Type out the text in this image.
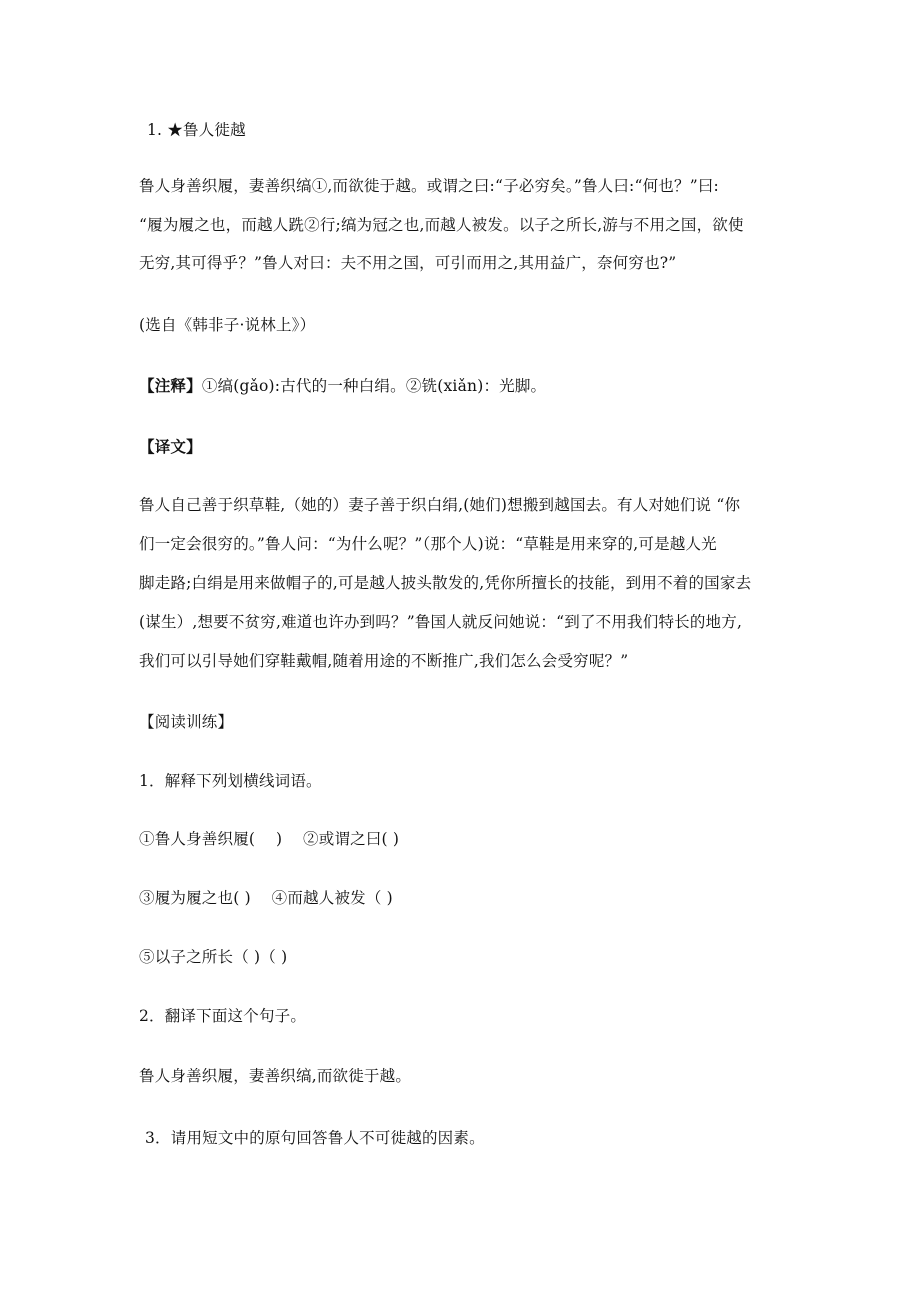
1. ★鲁人徙越
鲁人身善织履，妻善织缟①,而欲徙于越。或谓之曰:“子必穷矣。”鲁人曰:“何也？”曰:
“履为履之也，而越人跣②行;缟为冠之也,而越人被发。以子之所长,游与不用之国，欲使
无穷,其可得乎？”鲁人对曰：夫不用之国，可引而用之,其用益广，奈何穷也?”
(选自《韩非子·说林上》）
【注释】①缟(gǎo):古代的一种白绢。②铣(xiǎn)：光脚。
【译文】
鲁人自己善于织草鞋,（她的）妻子善于织白绢,(她们)想搬到越国去。有人对她们说 “你
们一定会很穷的。”鲁人问：“为什么呢？”（那个人)说：“草鞋是用来穿的,可是越人光
脚走路;白绢是用来做帽子的,可是越人披头散发的,凭你所擅长的技能，到用不着的国家去
(谋生）,想要不贫穷,难道也许办到吗？”鲁国人就反问她说：“到了不用我们特长的地方,
我们可以引导她们穿鞋戴帽,随着用途的不断推广,我们怎么会受穷呢？”
【阅读训练】
1．解释下列划横线词语。
①鲁人身善织履(　 )　 ②或谓之曰( )
③履为履之也( )　 ④而越人被发（ )
⑤以子之所长（ )（ )
2．翻译下面这个句子。
鲁人身善织履，妻善织缟,而欲徙于越。
3．请用短文中的原句回答鲁人不可徙越的因素。
